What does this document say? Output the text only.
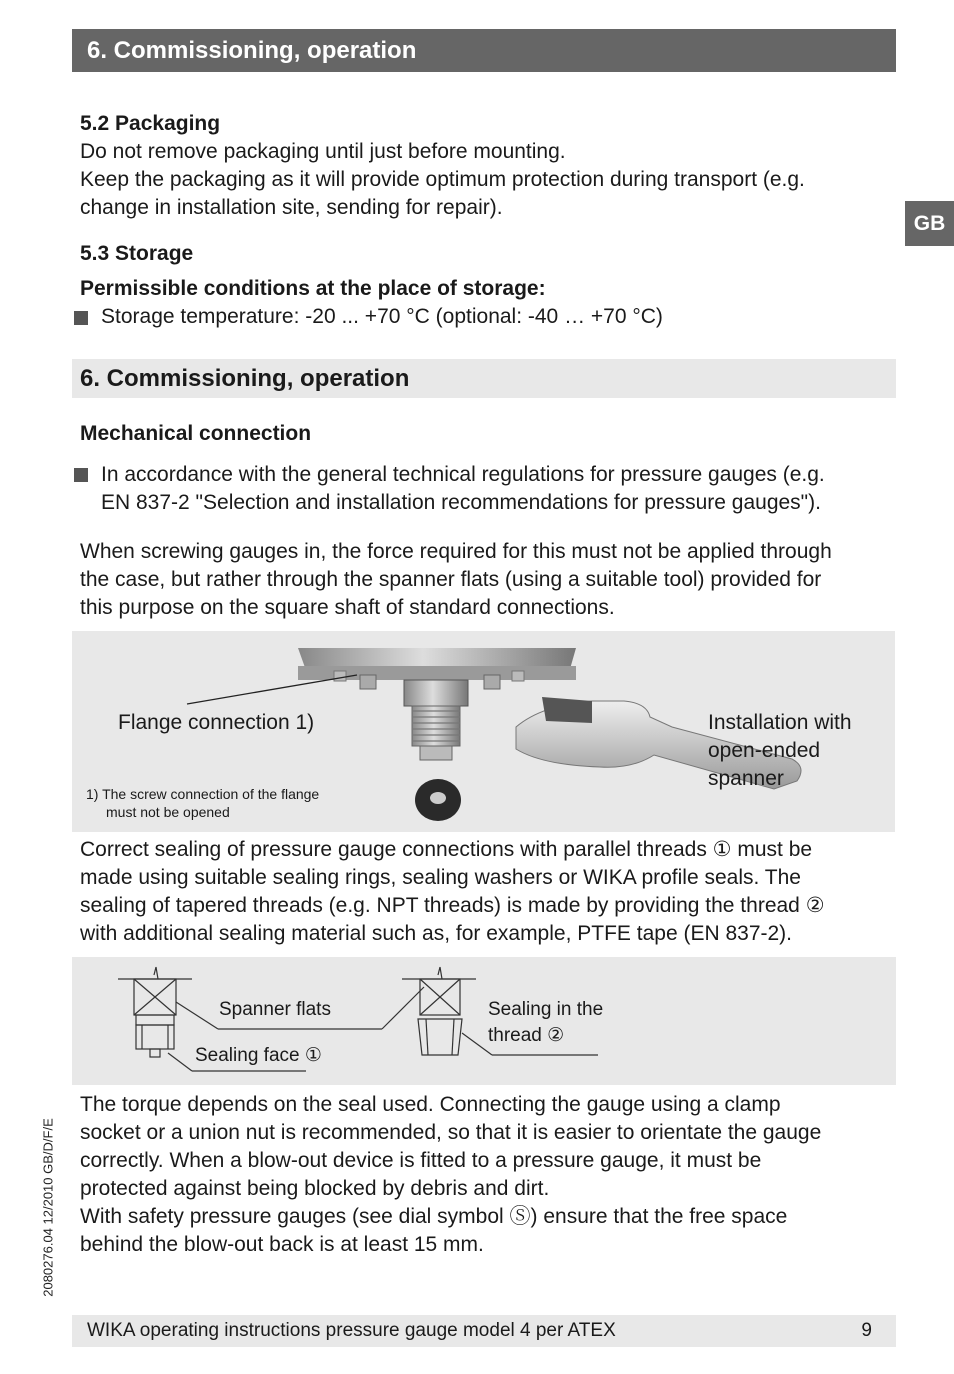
6. Commissioning, operation
GB
2080276.04 12/2010 GB/D/F/E
5.2 Packaging
Do not remove packaging until just before mounting.
Keep the packaging as it will provide optimum protection during transport (e.g.
change in installation site, sending for repair).
5.3 Storage
Permissible conditions at the place of storage:
Storage temperature: -20 ... +70 °C (optional: -40 … +70 °C)
6. Commissioning, operation
Mechanical connection
In accordance with the general technical regulations for pressure gauges (e.g.
EN 837-2 "Selection and installation recommendations for pressure gauges").
When screwing gauges in, the force required for this must not be applied through
the case, but rather through the spanner flats (using a suitable tool) provided for
this purpose on the square shaft of standard connections.
Flange connection 1)
1) The screw connection of the flange
must not be opened
Installation with
open-ended
spanner
Correct sealing of pressure gauge connections with parallel threads ① must be
made using suitable sealing rings, sealing washers or WIKA profile seals. The
sealing of tapered threads (e.g. NPT threads) is made by providing the thread ②
with additional sealing material such as, for example, PTFE tape (EN 837-2).
Spanner flats
Sealing face ①
Sealing in the
thread ②
The torque depends on the seal used. Connecting the gauge using a clamp
socket or a union nut is recommended, so that it is easier to orientate the gauge
correctly. When a blow-out device is fitted to a pressure gauge, it must be
protected against being blocked by debris and dirt.
With safety pressure gauges (see dial symbol Ⓢ) ensure that the free space
behind the blow-out back is at least 15 mm.
WIKA operating instructions pressure gauge model 4 per ATEX	9
